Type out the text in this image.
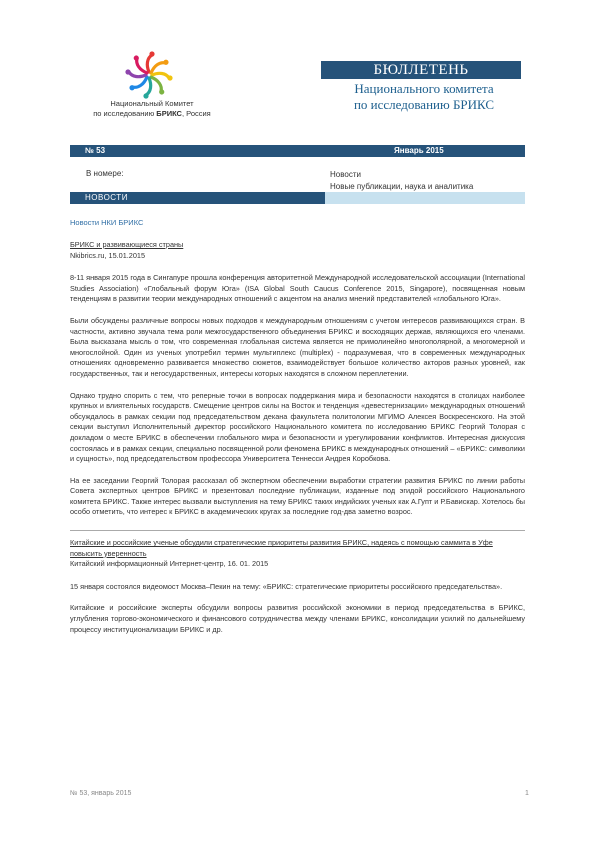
Национальный Комитет
по исследованию БРИКС, Россия
БЮЛЛЕТЕНЬ
Национального комитета
по исследованию БРИКС
№ 53	Январь 2015
В номере:	Новости
Новые публикации, наука и аналитика
НОВОСТИ
Новости НКИ БРИКС

БРИКС и развивающиеся страны

Nkibrics.ru, 15.01.2015

8-11 января 2015 года в Сингапуре прошла конференция авторитетной Международной исследовательской ассоциации (International Studies Association) «Глобальный форум Юга» (ISA Global South Caucus Conference 2015, Singapore), посвященная новым тенденциям в развитии теории международных отношений с акцентом на анализ мнений представителей «глобального Юга».

Были обсуждены различные вопросы новых подходов к международным отношениям с учетом интересов развивающихся стран. В частности, активно звучала тема роли межгосударственного объединения БРИКС и восходящих держав, являющихся его членами. Была высказана мысль о том, что современная глобальная система является не примолинейно многополярной, а многомерной и многослойной. Один из ученых употребил термин мультиплекс (multiplex) - подразумевая, что в современных международных отношениях одновременно развивается множество сюжетов, взаимодействует большое количество акторов разных уровней, как государственных, так и негосударственных, интересы которых находятся в сложном переплетении.

Однако трудно спорить с тем, что реперные точки в вопросах поддержания мира и безопасности находятся в столицах наиболее крупных и влиятельных государств. Смещение центров силы на Восток и тенденция «девестернизации» международных отношений обсуждалось в рамках секции под председательством декана факультета политологии МГИМО Алексея Воскресенского. На этой секции выступил Исполнительный директор российского Национального комитета по исследованию БРИКС Георгий Толорая с докладом о месте БРИКС в обеспечении глобального мира и безопасности и урегулировании конфликтов. Интересная дискуссия состоялась и в рамках секции, специально посвященной роли феномена БРИКС в международных отношений – «БРИКС: символики и сущность», под председательством профессора Университета Теннесси Андрея Коробкова.

На ее заседании Георгий Толорая рассказал об экспертном обеспечении выработки стратегии развития БРИКС по линии работы Совета экспертных центров БРИКС и презентовал последние публикации, изданные под эгидой российского Национального комитета БРИКС. Также интерес вызвали выступления на тему БРИКС таких индийских ученых как А.Гупт и Р.Бавискар. Хотелось бы особо отметить, что интерес к БРИКС в академических кругах за последние год-два заметно возрос.

Китайские и российские ученые обсудили стратегические приоритеты развития БРИКС, надеясь с помощью саммита в Уфе повысить уверенность

Китайский информационный Интернет-центр, 16. 01. 2015

15 января состоялся видеомост Москва–Пекин на тему: «БРИКС: стратегические приоритеты российского председательства».

Китайские и российские эксперты обсудили вопросы развития российской экономики в период председательства в БРИКС, углубления торгово-экономического и финансового сотрудничества между членами БРИКС, консолидации усилий по дальнейшему процессу институционализации БРИКС и др.

№ 53, январь 2015	1
